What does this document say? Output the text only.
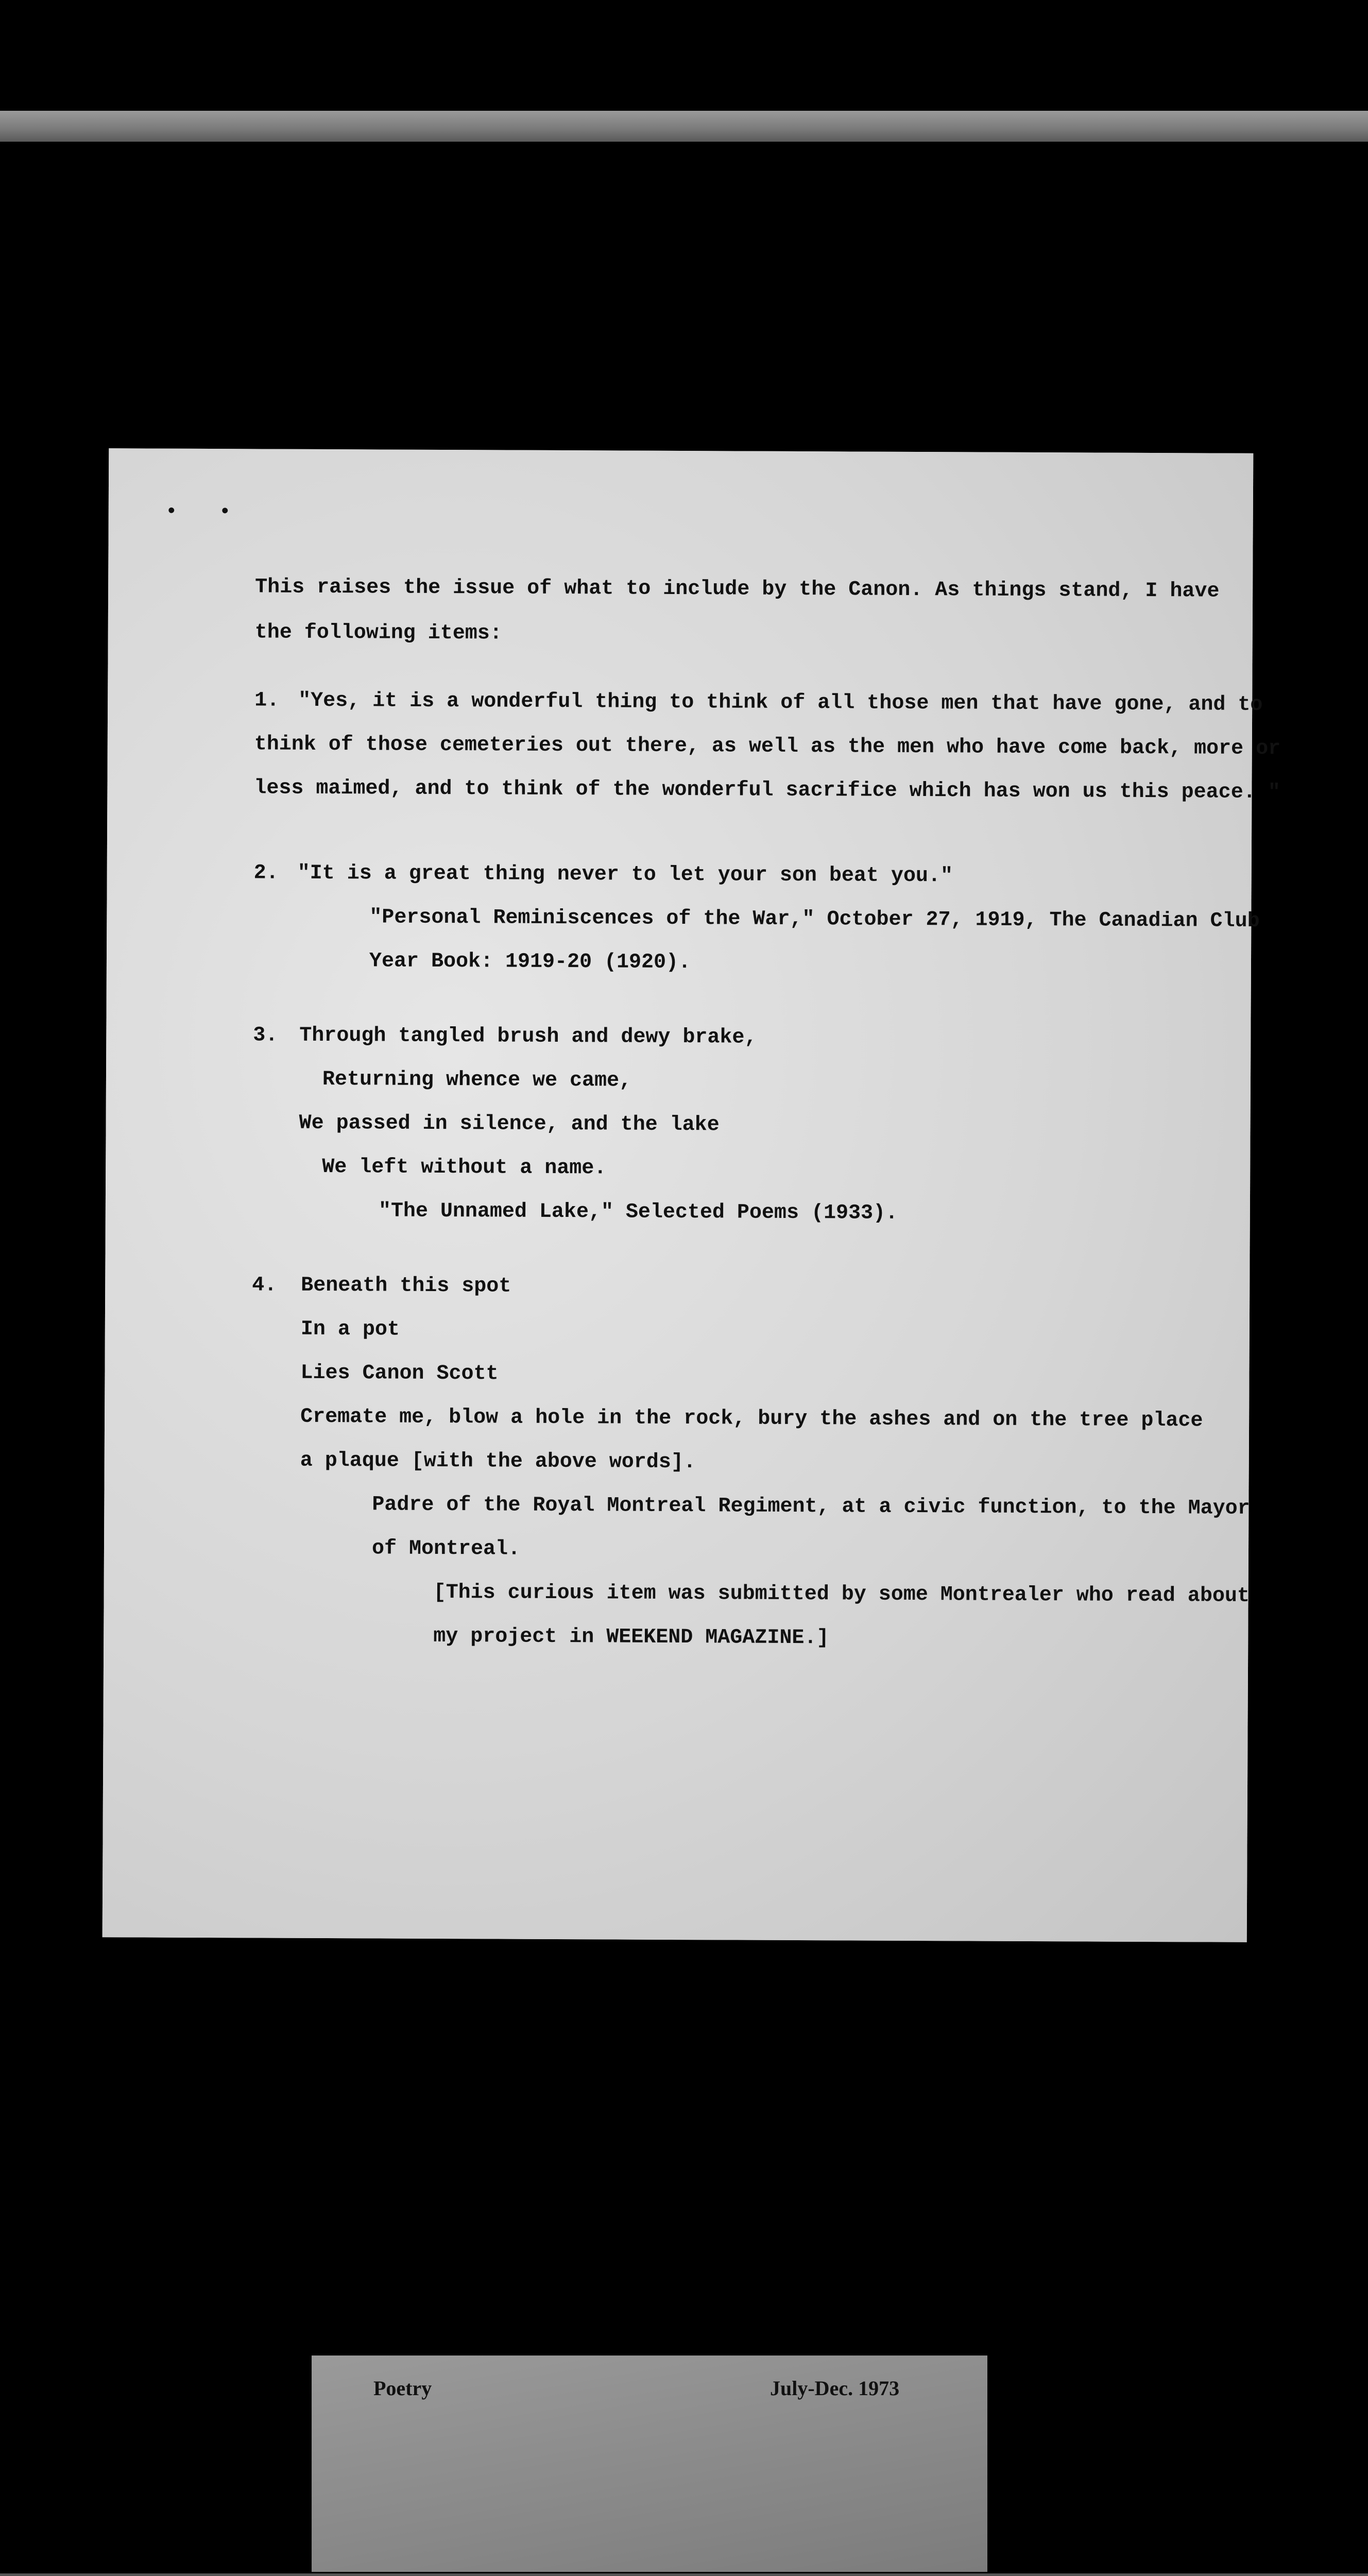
••
This raises the issue of what to include by the Canon. As things stand, I have
the following items:
1. "Yes, it is a wonderful thing to think of all those men that have gone, and to
think of those cemeteries out there, as well as the men who have come back, more or
less maimed, and to think of the wonderful sacrifice which has won us this peace. "
2. "It is a great thing never to let your son beat you."
"Personal Reminiscences of the War," October 27, 1919, The Canadian Club
Year Book: 1919-20 (1920).
3. Through tangled brush and dewy brake,
Returning whence we came,
We passed in silence, and the lake
We left without a name.
"The Unnamed Lake," Selected Poems (1933).
4. Beneath this spot
In a pot
Lies Canon Scott
Cremate me, blow a hole in the rock, bury the ashes and on the tree place
a plaque [with the above words].
Padre of the Royal Montreal Regiment, at a civic function, to the Mayor
of Montreal.
[This curious item was submitted by some Montrealer who read about
my project in WEEKEND MAGAZINE.]
Poetry	July-Dec. 1973
